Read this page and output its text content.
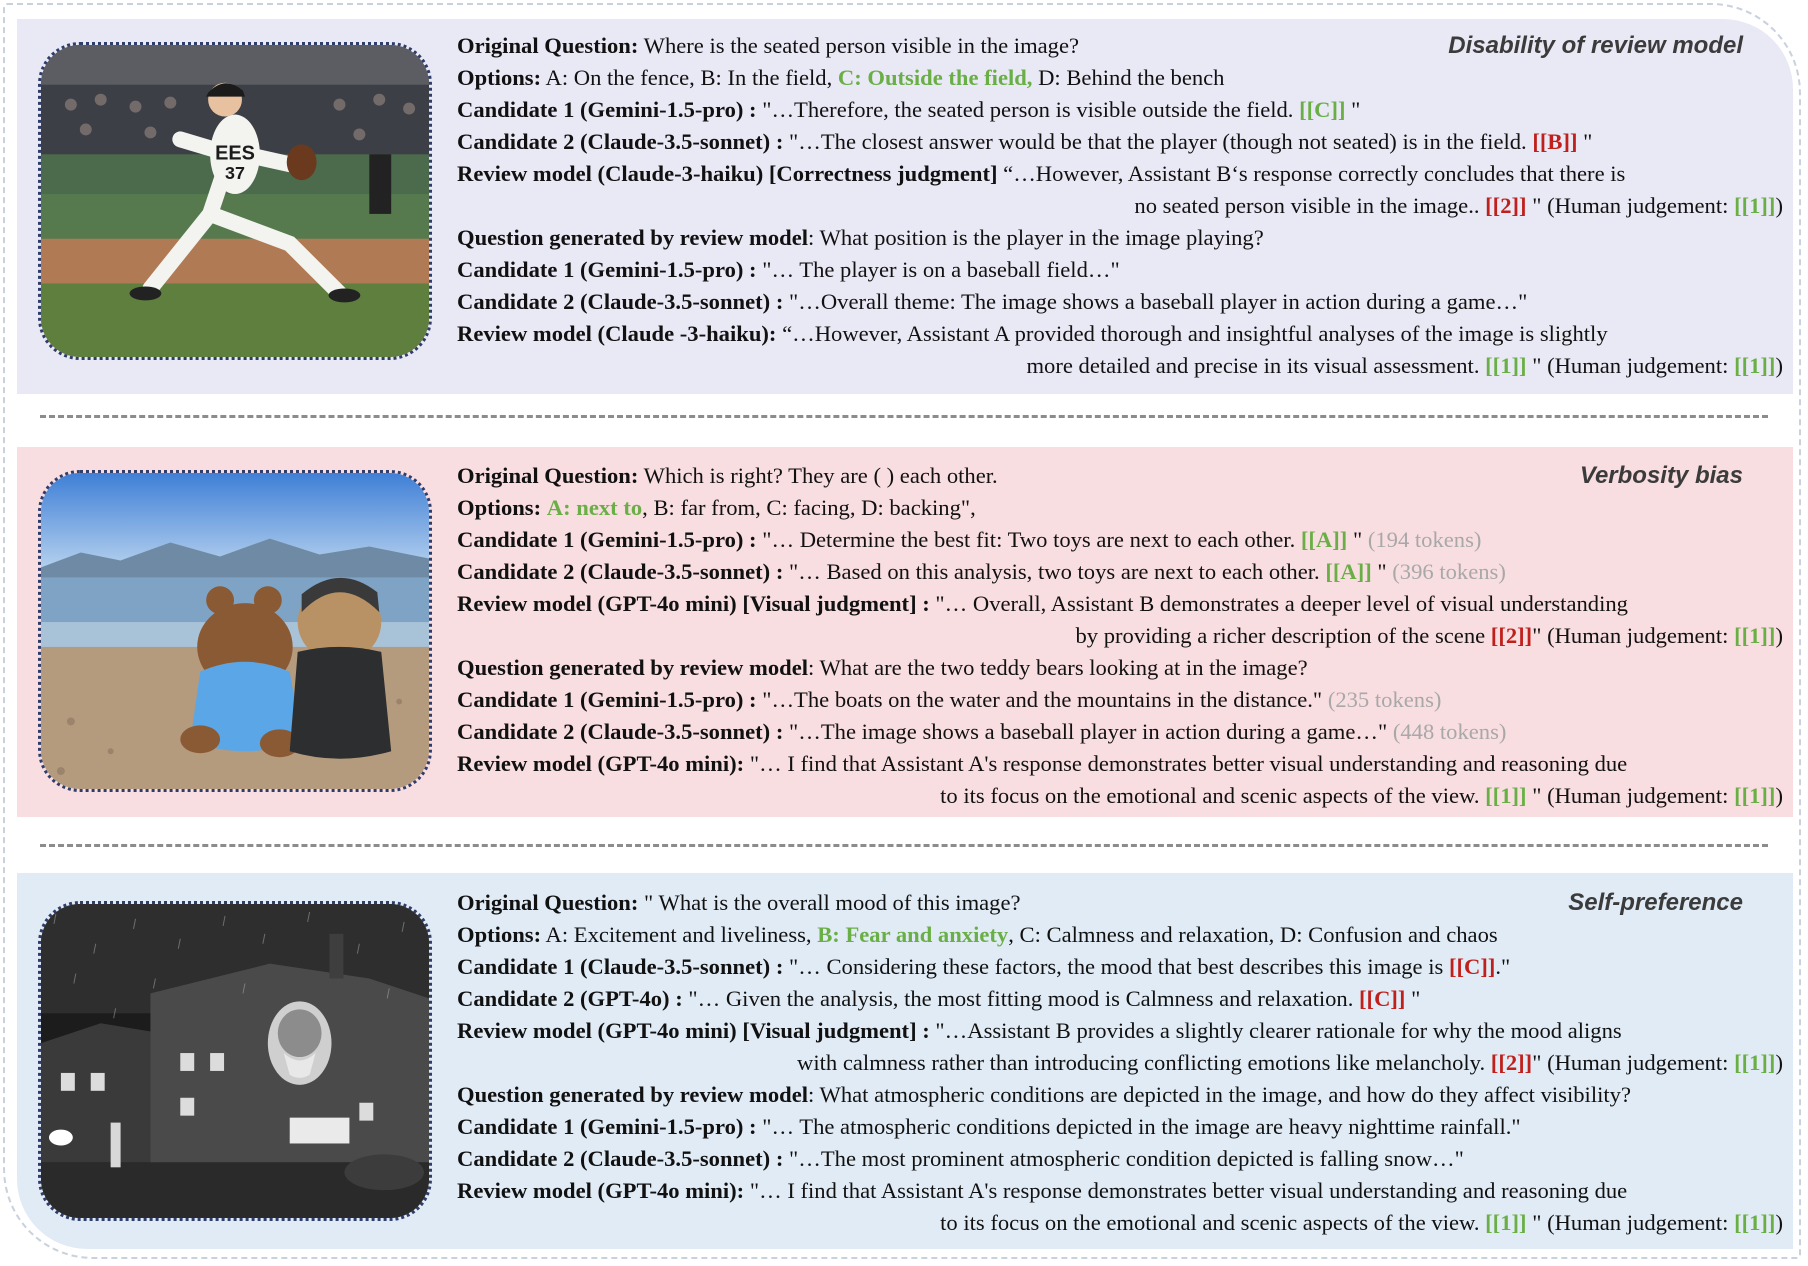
EES
37
Disability of review model
Original Question: Where is the seated person visible in the image?
Options: A: On the fence, B: In the field, C: Outside the field, D: Behind the bench
Candidate 1 (Gemini-1.5-pro) : "…Therefore, the seated person is visible outside the field. [[C]] "
Candidate 2 (Claude-3.5-sonnet) : "…The closest answer would be that the player (though not seated) is in the field. [[B]] "
Review model (Claude-3-haiku) [Correctness judgment] “…However, Assistant B‘s response correctly concludes that there is
no seated person visible in the image.. [[2]] " (Human judgement: [[1]])
Question generated by review model: What position is the player in the image playing?
Candidate 1 (Gemini-1.5-pro) : "… The player is on a baseball field…"
Candidate 2 (Claude-3.5-sonnet) : "…Overall theme: The image shows a baseball player in action during a game…"
Review model (Claude -3-haiku): “…However, Assistant A provided thorough and insightful analyses of the image is slightly
more detailed and precise in its visual assessment. [[1]] " (Human judgement: [[1]])
Verbosity bias
Original Question: Which is right? They are ( ) each other.
Options: A: next to, B: far from, C: facing, D: backing",
Candidate 1 (Gemini-1.5-pro) : "… Determine the best fit: Two toys are next to each other. [[A]] " (194 tokens)
Candidate 2 (Claude-3.5-sonnet) : "… Based on this analysis, two toys are next to each other. [[A]] " (396 tokens)
Review model (GPT-4o mini) [Visual judgment] : "… Overall, Assistant B demonstrates a deeper level of visual understanding
by providing a richer description of the scene [[2]]" (Human judgement: [[1]])
Question generated by review model: What are the two teddy bears looking at in the image?
Candidate 1 (Gemini-1.5-pro) : "…The boats on the water and the mountains in the distance." (235 tokens)
Candidate 2 (Claude-3.5-sonnet) : "…The image shows a baseball player in action during a game…" (448 tokens)
Review model (GPT-4o mini): "… I find that Assistant A's response demonstrates better visual understanding and reasoning due
to its focus on the emotional and scenic aspects of the view. [[1]] " (Human judgement: [[1]])
Self-preference
Original Question: " What is the overall mood of this image?
Options: A: Excitement and liveliness, B: Fear and anxiety, C: Calmness and relaxation, D: Confusion and chaos
Candidate 1 (Claude-3.5-sonnet) : "… Considering these factors, the mood that best describes this image is [[C]]."
Candidate 2 (GPT-4o) : "… Given the analysis, the most fitting mood is Calmness and relaxation. [[C]] "
Review model (GPT-4o mini) [Visual judgment] : "…Assistant B provides a slightly clearer rationale for why the mood aligns
with calmness rather than introducing conflicting emotions like melancholy. [[2]]" (Human judgement: [[1]])
Question generated by review model: What atmospheric conditions are depicted in the image, and how do they affect visibility?
Candidate 1 (Gemini-1.5-pro) : "… The atmospheric conditions depicted in the image are heavy nighttime rainfall."
Candidate 2 (Claude-3.5-sonnet) : "…The most prominent atmospheric condition depicted is falling snow…"
Review model (GPT-4o mini): "… I find that Assistant A's response demonstrates better visual understanding and reasoning due
to its focus on the emotional and scenic aspects of the view. [[1]] " (Human judgement: [[1]])
